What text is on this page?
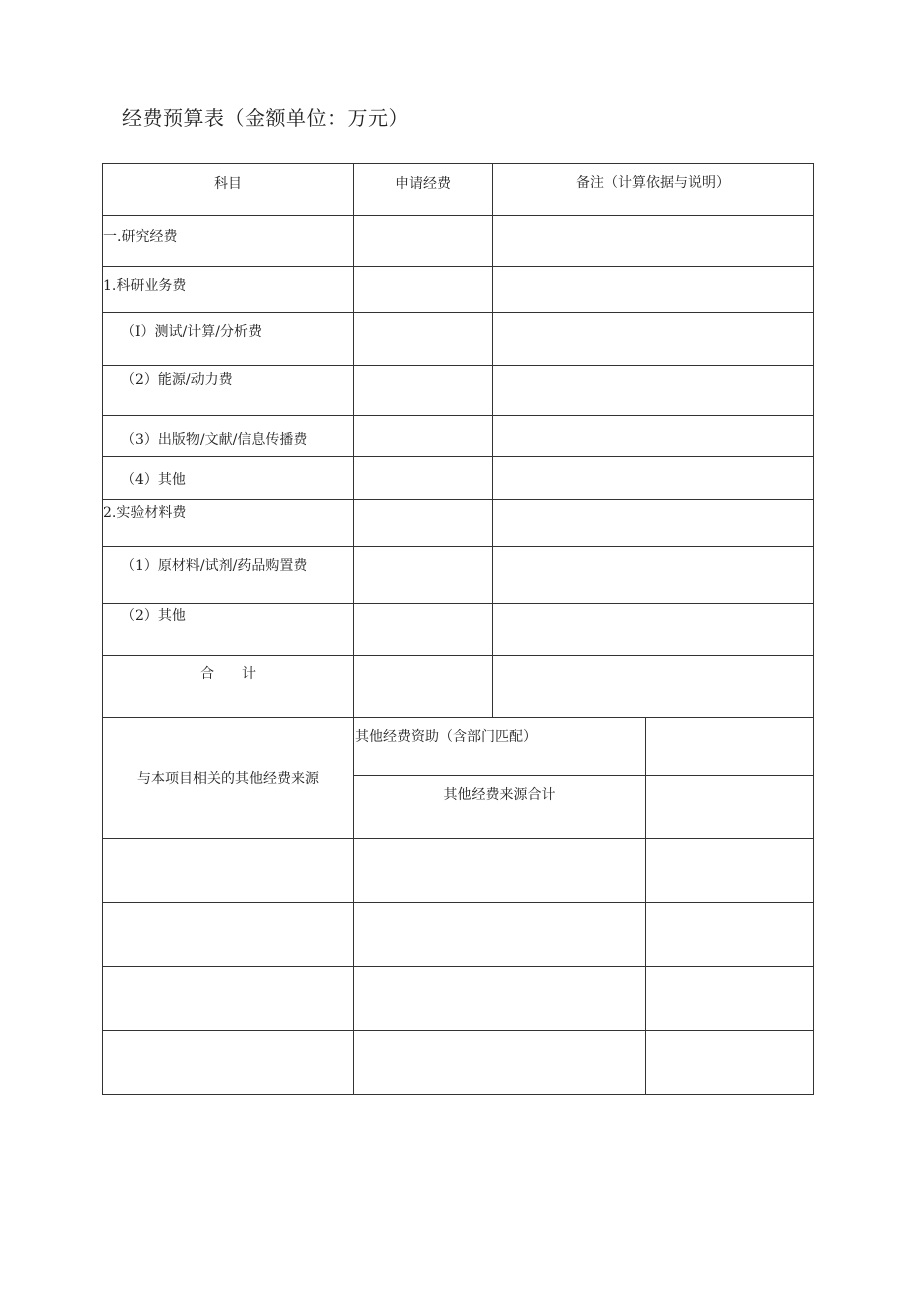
经费预算表（金额单位：万元）
科目	申请经费	备注（计算依据与说明）
一.研究经费
1.科研业务费
（I）测试/计算/分析费
（2）能源/动力费
（3）出版物/文献/信息传播费
（4）其他
2.实验材料费
（1）原材料/试剂/药品购置费
（2）其他
合　　计
与本项目相关的其他经费来源
其他经费资助（含部门匹配）
其他经费来源合计
